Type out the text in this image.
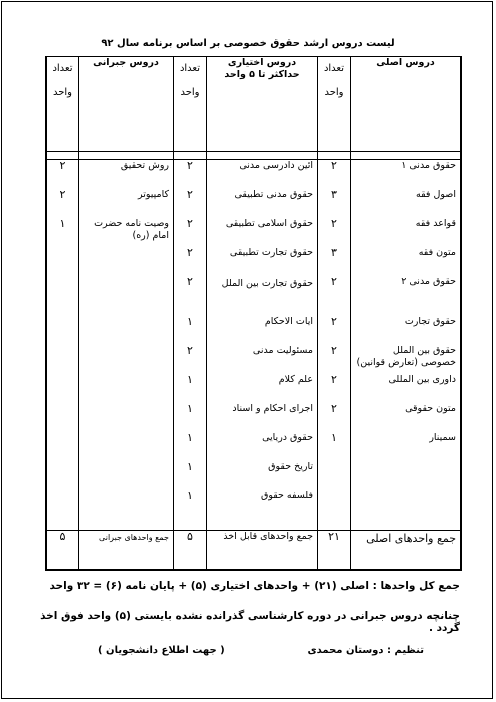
لیست دروس ارشد حقوق خصوصی بر اساس برنامه سال ۹۲
دروس اصلی	تعداد واحد	دروس اختیاری حداکثر تا ۵ واحد	تعداد واحد	دروس جبرانی	تعداد واحد

حقوق مدنی ۱	۲	آئین دادرسی مدنی	۲	روش تحقیق	۲
اصول فقه	۳	حقوق مدنی تطبیقی	۲	کامپیوتر	۲
قواعد فقه	۲	حقوق اسلامی تطبیقی	۲	وصیت نامه حضرت امام (ره)	۱
متون فقه	۳	حقوق تجارت تطبیقی	۲		
حقوق مدنی ۲	۲	حقوق تجارت بین الملل	۲		
حقوق تجارت	۲	آیات الاحکام	۱		
حقوق بین الملل خصوصی (تعارض قوانین)	۲	مسئولیت مدنی	۲		
داوری بین المللی	۲	علم کلام	۱		
متون حقوقی	۲	اجرای احکام و اسناد	۱		
سمینار	۱	حقوق دریایی	۱		
		تاریخ حقوق	۱		
		فلسفه حقوق	۱		
جمع واحدهای اصلی	۲۱	جمع واحدهای قابل اخذ	۵	جمع واحدهای جبرانی	۵
جمع کل واحدها : اصلی (۲۱) + واحدهای اختیاری (۵) + پایان نامه (۶) = ۳۲ واحد
چنانچه دروس جبرانی در دوره کارشناسی گذرانده نشده بایستی (۵) واحد فوق اخذ گردد .
تنظیم : دوستان محمدی
( جهت اطلاع دانشجویان )
